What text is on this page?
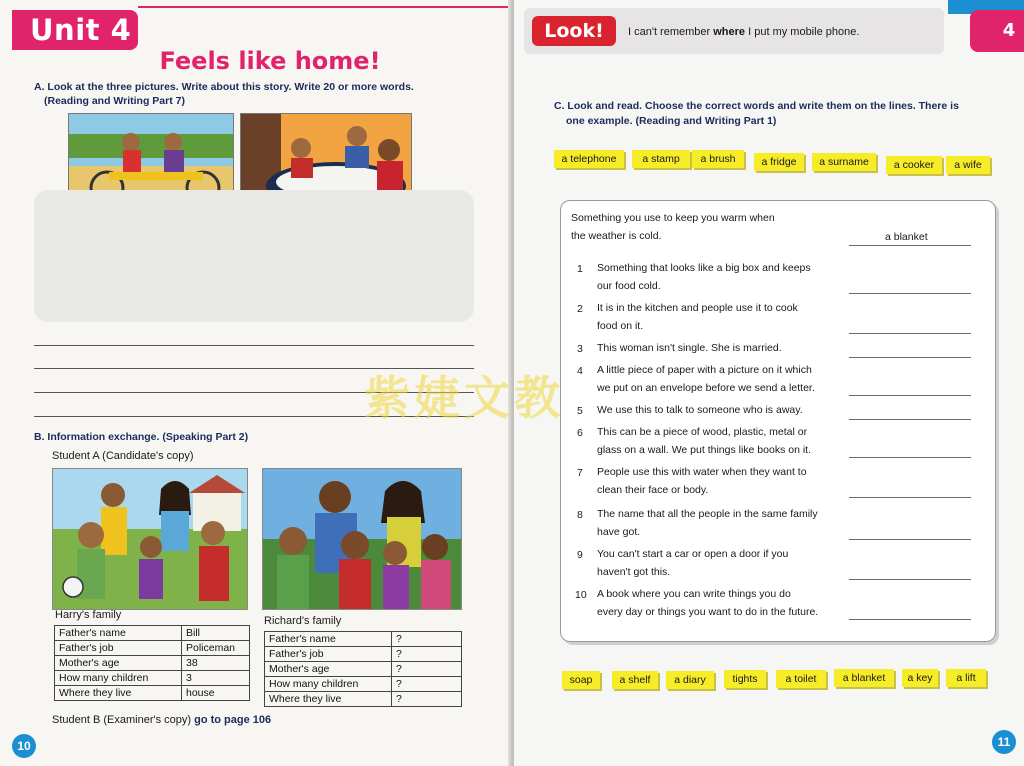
Unit 4
Feels like home!
A. Look at the three pictures. Write about this story. Write 20 or more words.
(Reading and Writing Part 7)
B. Information exchange. (Speaking Part 2)
Student A (Candidate's copy)
Harry's family	Richard's family
Father's name	Bill
Father's job	Policeman
Mother's age	38
How many children	3
Where they live	house
Father's name	?
Father's job	?
Mother's age	?
How many children	?
Where they live	?
Student B (Examiner's copy) go to page 106
10
4
Look!	I can't remember where I put my mobile phone.
C. Look and read. Choose the correct words and write them on the lines. There is
one example. (Reading and Writing Part 1)
a telephone	a stamp	a brush	a fridge	a surname	a cooker	a wife
Something you use to keep you warm when
the weather is cold.	a blanket
1 Something that looks like a big box and keeps
our food cold.
2 It is in the kitchen and people use it to cook
food on it.
3 This woman isn't single. She is married.
4 A little piece of paper with a picture on it which
we put on an envelope before we send a letter.
5 We use this to talk to someone who is away.
6 This can be a piece of wood, plastic, metal or
glass on a wall. We put things like books on it.
7 People use this with water when they want to
clean their face or body.
8 The name that all the people in the same family
have got.
9 You can't start a car or open a door if you
haven't got this.
10 A book where you can write things you do
every day or things you want to do in the future.
soap	a shelf	a diary	tights	a toilet	a blanket	a key	a lift
紫婕文教
11
